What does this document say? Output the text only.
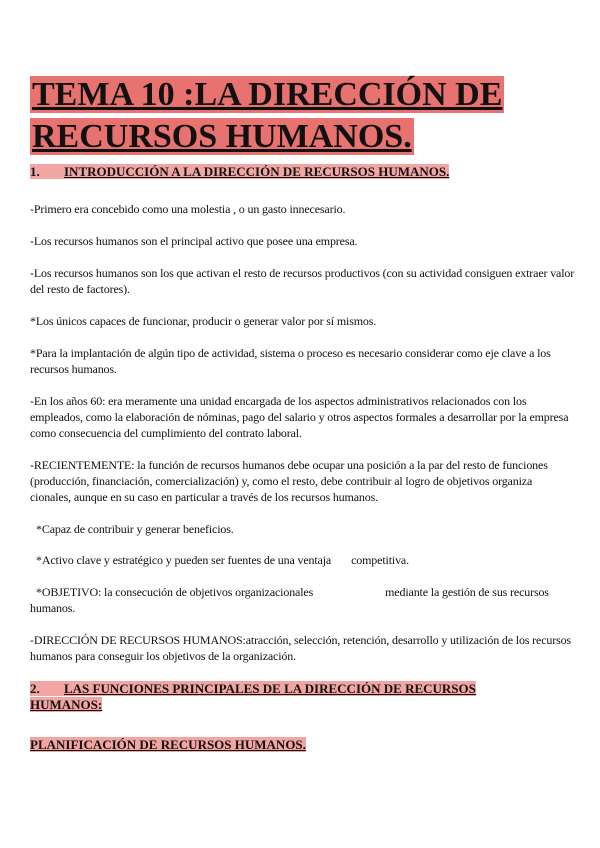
TEMA 10 :LA DIRECCIÓN DE
RECURSOS HUMANOS.
1. INTRODUCCIÓN A LA DIRECCIÓN DE RECURSOS HUMANOS.

-Primero era concebido como una molestia , o un gasto innecesario.

-Los recursos humanos son el principal activo que posee una empresa.

-Los recursos humanos son los que activan el resto de recursos productivos (con su actividad consiguen extraer valor del resto de factores).

*Los únicos capaces de funcionar, producir o generar valor por sí mismos.

*Para la implantación de algún tipo de actividad, sistema o proceso es necesario considerar como eje clave a los recursos humanos.

-En los años 60: era meramente una unidad encargada de los aspectos administrativos relacionados con los empleados, como la elaboración de nóminas, pago del salario y otros aspectos formales a desarrollar por la empresa como consecuencia del cumplimiento del contrato laboral.

-RECIENTEMENTE: la función de recursos humanos debe ocupar una posición a la par del resto de funciones (producción, financiación, comercialización) y, como el resto, debe contribuir al logro de objetivos organiza cionales, aunque en su caso en particular a través de los recursos humanos.

*Capaz de contribuir y generar beneficios.

*Activo clave y estratégico y pueden ser fuentes de una ventaja competitiva.

*OBJETIVO: la consecución de objetivos organizacionales	mediante la gestión de sus recursos humanos.

-DIRECCIÓN DE RECURSOS HUMANOS:atracción, selección, retención, desarrollo y utilización de los recursos humanos para conseguir los objetivos de la organización.

2. LAS FUNCIONES PRINCIPALES DE LA DIRECCIÓN DE RECURSOS
HUMANOS:
PLANIFICACIÓN DE RECURSOS HUMANOS.
